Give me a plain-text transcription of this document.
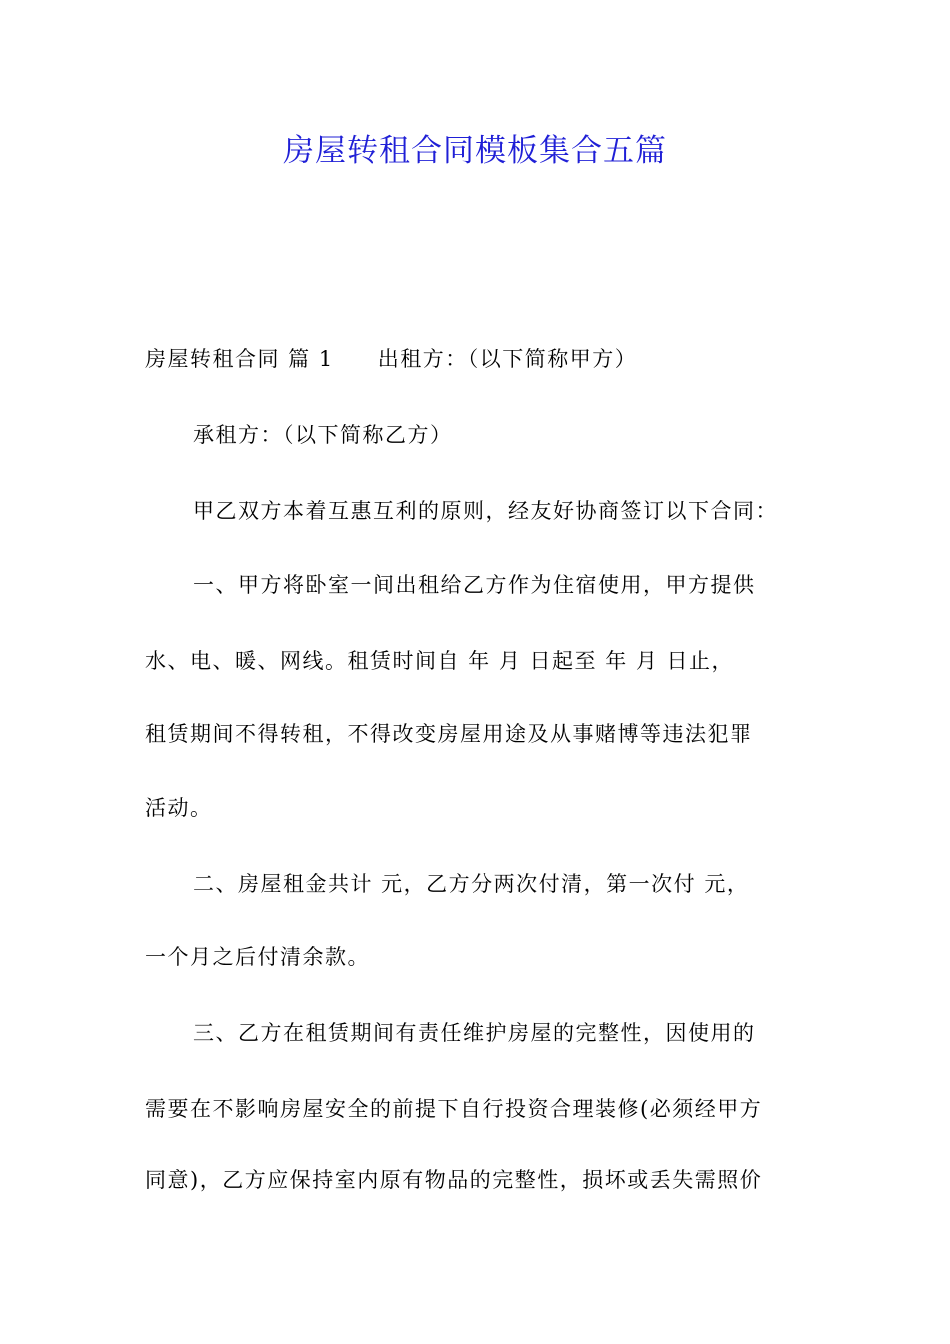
房屋转租合同模板集合五篇
房屋转租合同 篇 1 出租方：（以下简称甲方）
承租方：（以下简称乙方）
甲乙双方本着互惠互利的原则，经友好协商签订以下合同：
一、甲方将卧室一间出租给乙方作为住宿使用，甲方提供
水、电、暖、网线。租赁时间自 年 月 日起至 年 月 日止，
租赁期间不得转租，不得改变房屋用途及从事赌博等违法犯罪
活动。
二、房屋租金共计 元，乙方分两次付清，第一次付 元，
一个月之后付清余款。
三、乙方在租赁期间有责任维护房屋的完整性，因使用的
需要在不影响房屋安全的前提下自行投资合理装修(必须经甲方
同意)，乙方应保持室内原有物品的完整性，损坏或丢失需照价
